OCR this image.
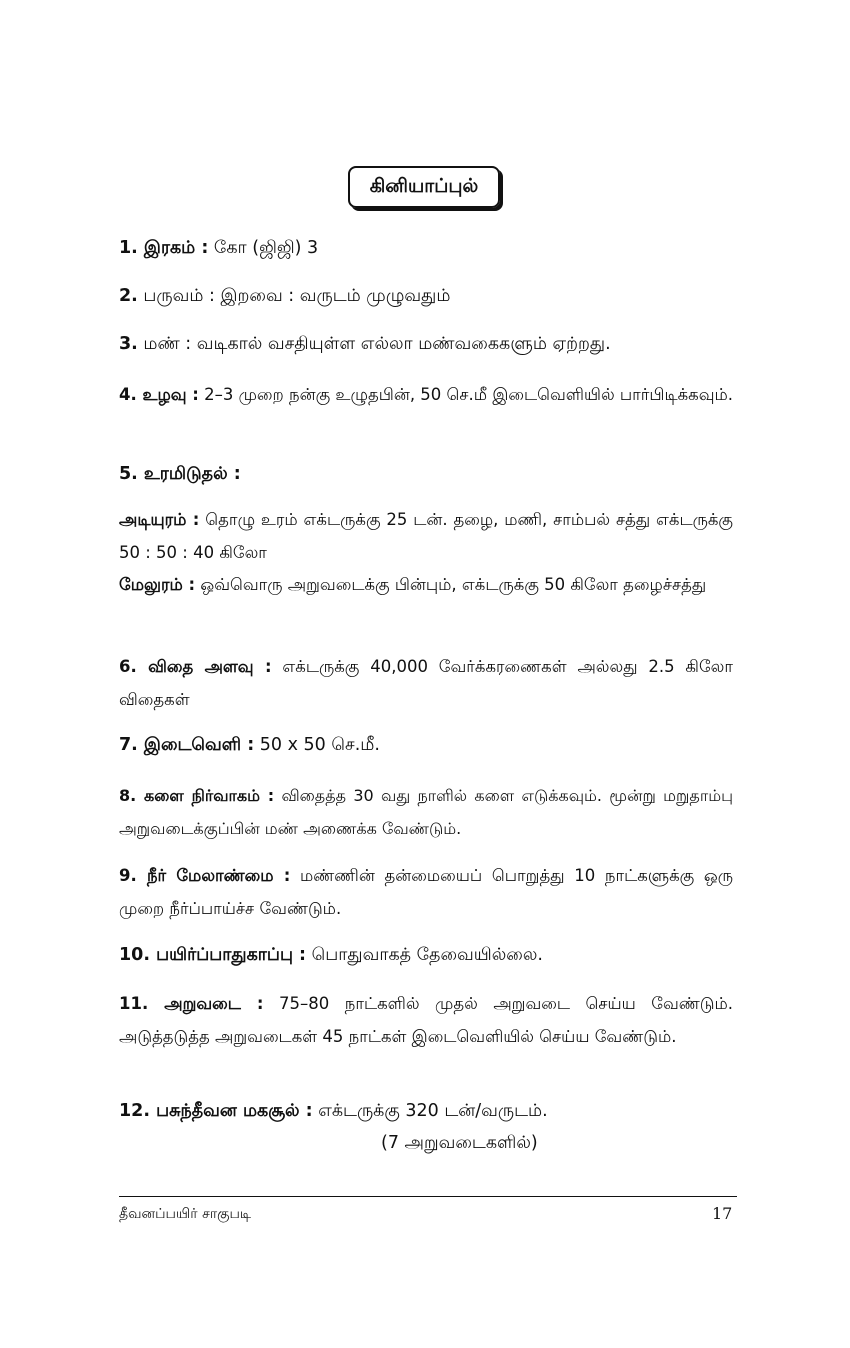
கினியாப்புல்
1. இரகம் : கோ (ஜிஜி) 3
2. பருவம் : இறவை : வருடம் முழுவதும்
3. மண் : வடிகால் வசதியுள்ள எல்லா மண்வகைகளும் ஏற்றது.
4. உழவு : 2–3 முறை நன்கு உழுதபின், 50 செ.மீ இடைவெளியில் பார்பிடிக்கவும்.
5. உரமிடுதல் :
அடியுரம் : தொழு உரம் எக்டருக்கு 25 டன். தழை, மணி, சாம்பல் சத்து எக்டருக்கு 50 : 50 : 40 கிலோ
மேலுரம் : ஒவ்வொரு அறுவடைக்கு பின்பும், எக்டருக்கு 50 கிலோ தழைச்சத்து
6. விதை அளவு : எக்டருக்கு 40,000 வேர்க்கரணைகள் அல்லது 2.5 கிலோ விதைகள்
7. இடைவெளி : 50 x 50 செ.மீ.
8. களை நிர்வாகம் : விதைத்த 30 வது நாளில் களை எடுக்கவும். மூன்று மறுதாம்பு அறுவடைக்குப்பின் மண் அணைக்க வேண்டும்.
9. நீர் மேலாண்மை : மண்ணின் தன்மையைப் பொறுத்து 10 நாட்களுக்கு ஒரு முறை நீர்ப்பாய்ச்ச வேண்டும்.
10. பயிர்ப்பாதுகாப்பு : பொதுவாகத் தேவையில்லை.
11. அறுவடை : 75–80 நாட்களில் முதல் அறுவடை செய்ய வேண்டும். அடுத்தடுத்த அறுவடைகள் 45 நாட்கள் இடைவெளியில் செய்ய வேண்டும்.
12. பசுந்தீவன மகசூல் : எக்டருக்கு 320 டன்/வருடம்.
(7 அறுவடைகளில்)
தீவனப்பயிர் சாகுபடி	17
